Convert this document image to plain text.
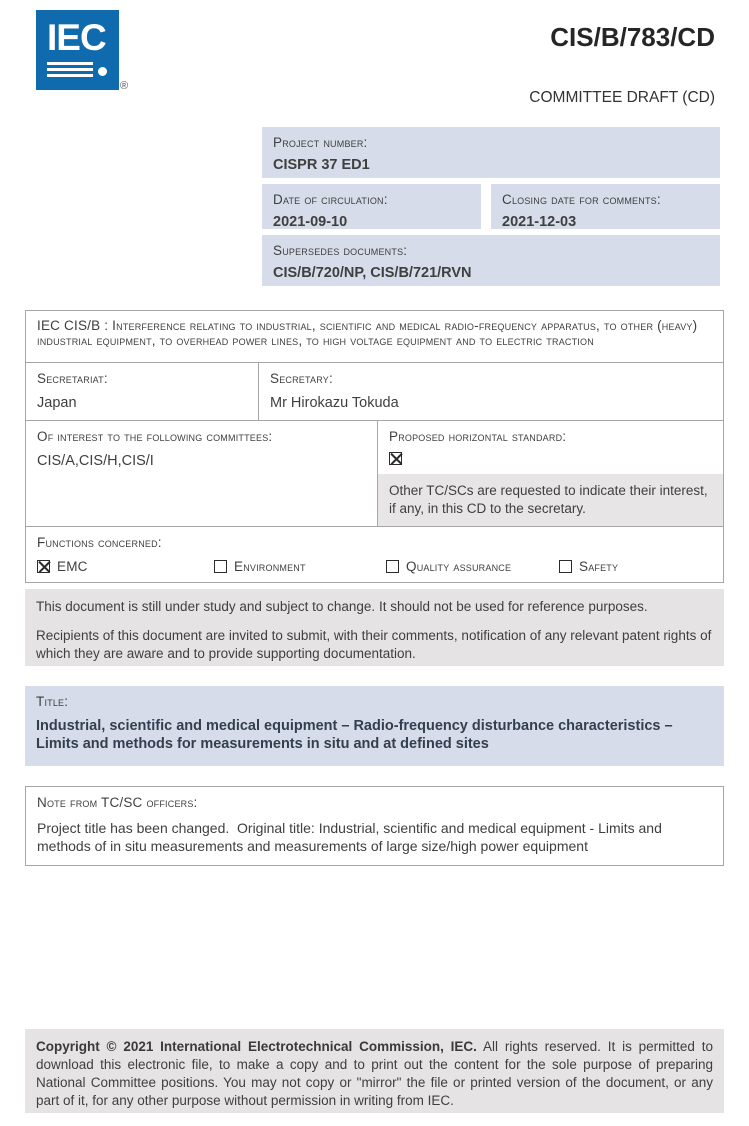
IEC
®
CIS/B/783/CD
COMMITTEE DRAFT (CD)
Project number:
CISPR 37 ED1
Date of circulation:
2021-09-10
Closing date for comments:
2021-12-03
Supersedes documents:
CIS/B/720/NP, CIS/B/721/RVN
IEC CIS/B : Interference relating to industrial, scientific and medical radio-frequency apparatus, to other (heavy) industrial equipment, to overhead power lines, to high voltage equipment and to electric traction
Secretariat:
Japan
Secretary:
Mr Hirokazu Tokuda
Of interest to the following committees:
CIS/A,CIS/H,CIS/I
Proposed horizontal standard:
Other TC/SCs are requested to indicate their interest, if any, in this CD to the secretary.
Functions concerned:
EMC	Environment	Quality assurance	Safety

This document is still under study and subject to change. It should not be used for reference purposes.

Recipients of this document are invited to submit, with their comments, notification of any relevant patent rights of which they are aware and to provide supporting documentation.

Title:
Industrial, scientific and medical equipment – Radio-frequency disturbance characteristics – Limits and methods for measurements in situ and at defined sites
Note from TC/SC officers:
Project title has been changed.  Original title: Industrial, scientific and medical equipment - Limits and methods of in situ measurements and measurements of large size/high power equipment
Copyright © 2021 International Electrotechnical Commission, IEC. All rights reserved. It is permitted to download this electronic file, to make a copy and to print out the content for the sole purpose of preparing National Committee positions. You may not copy or "mirror" the file or printed version of the document, or any part of it, for any other purpose without permission in writing from IEC.
